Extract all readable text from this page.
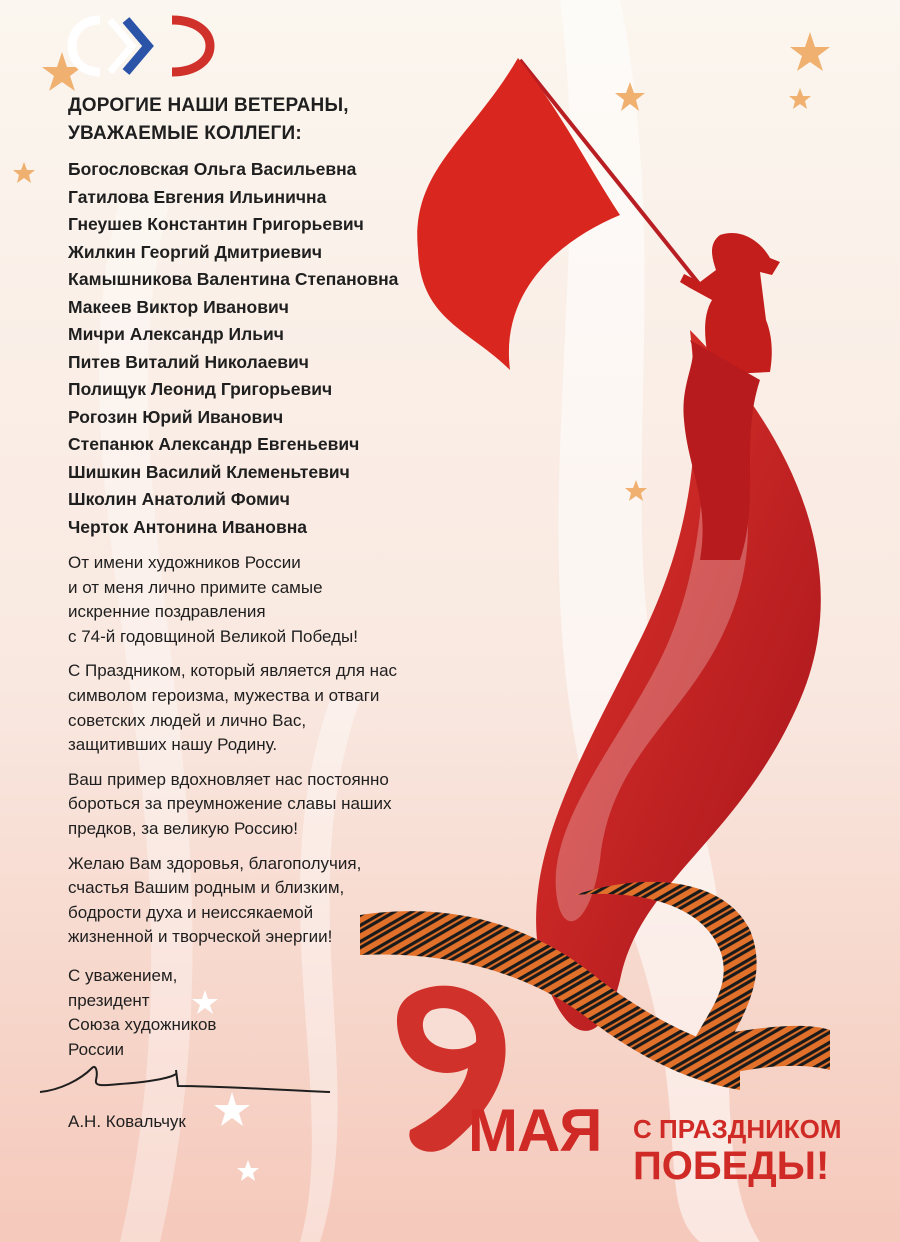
ДОРОГИЕ НАШИ ВЕТЕРАНЫ,
УВАЖАЕМЫЕ КОЛЛЕГИ:
Богословская Ольга Васильевна
Гатилова Евгения Ильинична
Гнеушев Константин Григорьевич
Жилкин Георгий Дмитриевич
Камышникова Валентина Степановна
Макеев Виктор Иванович
Мичри Александр Ильич
Питев Виталий Николаевич
Полищук Леонид Григорьевич
Рогозин Юрий Иванович
Степанюк Александр Евгеньевич
Шишкин Василий Клеменьтевич
Школин Анатолий Фомич
Черток Антонина Ивановна
От имени художников России
и от меня лично примите самые
искренние поздравления
с 74-й годовщиной Великой Победы!
С Праздником, который является для нас
символом героизма, мужества и отваги
советских людей и лично Вас,
защитивших нашу Родину.
Ваш пример вдохновляет нас постоянно
бороться за преумножение славы наших
предков, за великую Россию!
Желаю Вам здоровья, благополучия,
счастья Вашим родным и близким,
бодрости духа и неиссякаемой
жизненной и творческой энергии!
С уважением,
президент
Союза художников
России
А.Н. Ковальчук	МАЯ С ПРАЗДНИКОМ
ПОБЕДЫ!
